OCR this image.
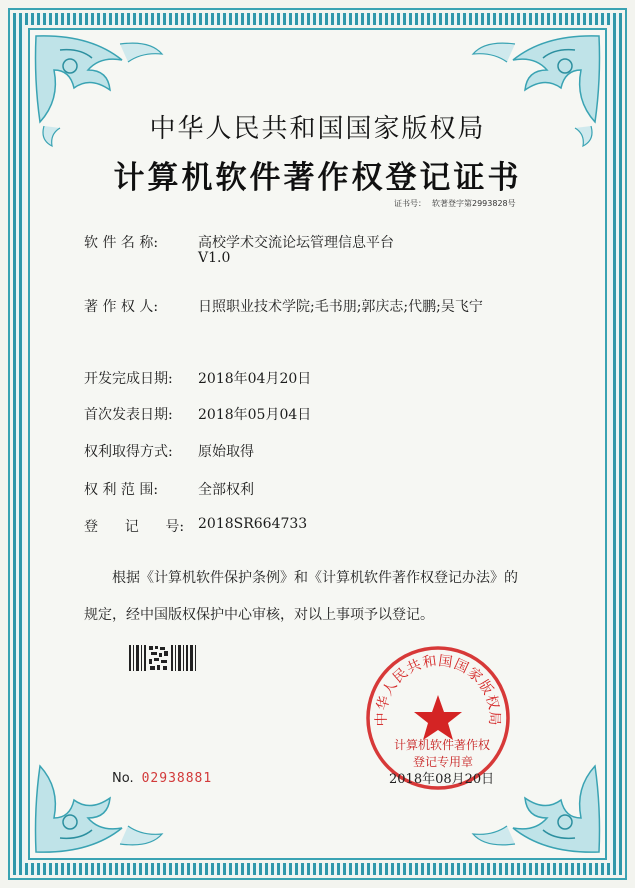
中华人民共和国国家版权局
计算机软件著作权登记证书
证书号： 软著登字第2993828号
软 件 名 称:	高校学术交流论坛管理信息平台
V1.0
著 作 权 人:	日照职业技术学院;毛书朋;郭庆志;代鹏;吴飞宁
开发完成日期: 2018年04月20日
首次发表日期: 2018年05月04日
权利取得方式: 原始取得
权 利 范 围:	全部权利
登      记      号: 2018SR664733
根据《计算机软件保护条例》和《计算机软件著作权登记办法》的
规定，经中国版权保护中心审核，对以上事项予以登记。
No. 02938881
中华人民共和国国家版权局
计算机软件著作权
登记专用章
2018年08月20日
